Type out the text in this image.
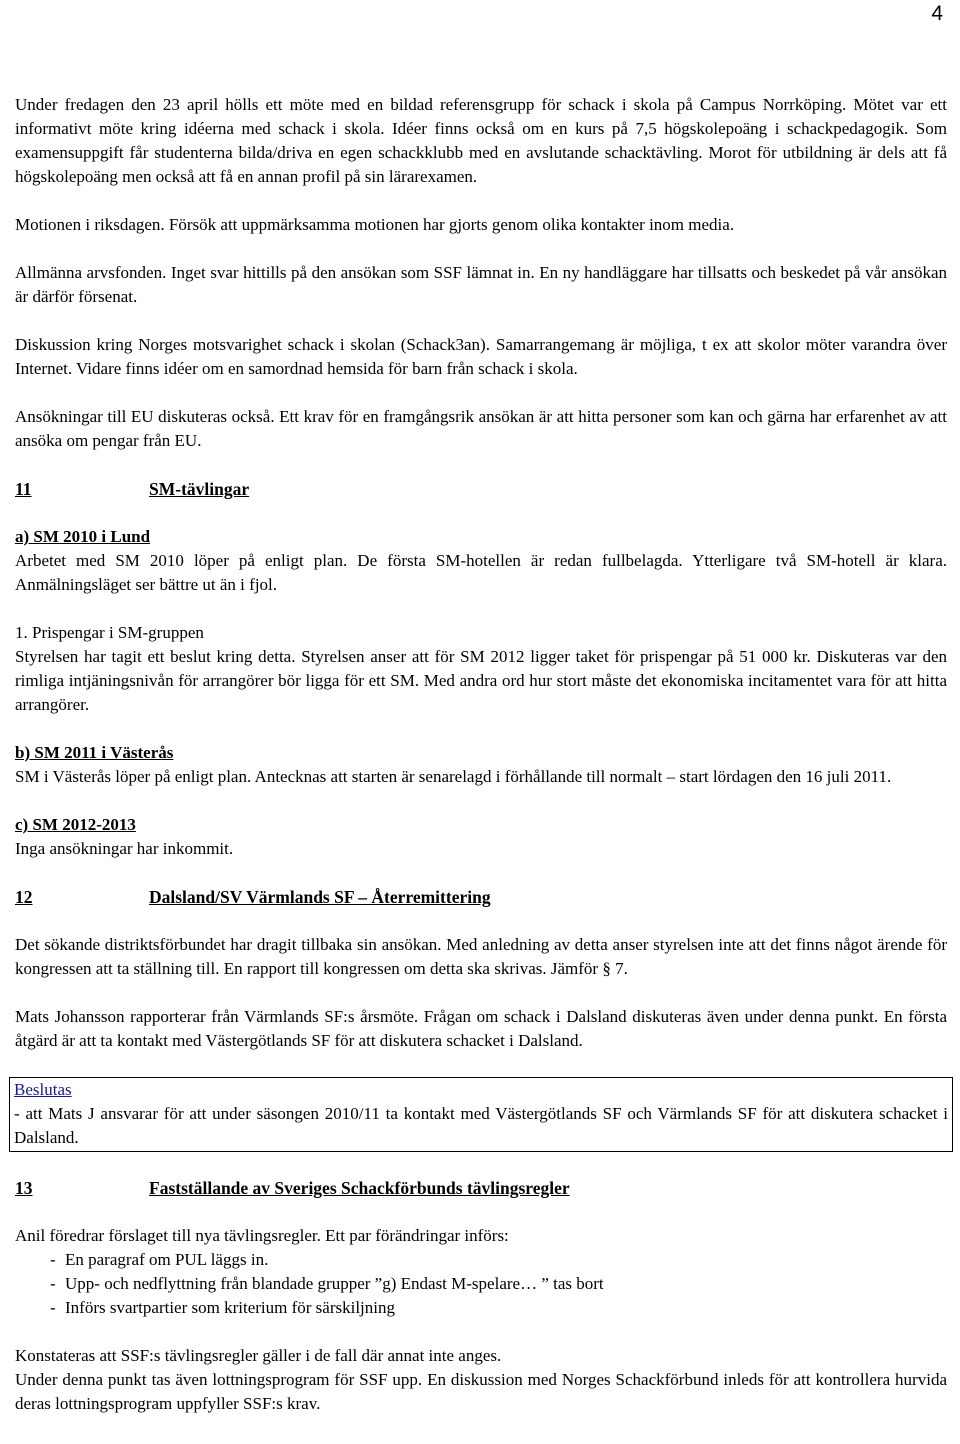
4

Under fredagen den 23 april hölls ett möte med en bildad referensgrupp för schack i skola på Campus Norrköping. Mötet var ett informativt möte kring idéerna med schack i skola. Idéer finns också om en kurs på 7,5 högskolepoäng i schackpedagogik. Som examensuppgift får studenterna bilda/driva en egen schackklubb med en avslutande schacktävling. Morot för utbildning är dels att få högskolepoäng men också att få en annan profil på sin lärarexamen.

Motionen i riksdagen. Försök att uppmärksamma motionen har gjorts genom olika kontakter inom media.

Allmänna arvsfonden. Inget svar hittills på den ansökan som SSF lämnat in. En ny handläggare har tillsatts och beskedet på vår ansökan är därför försenat.

Diskussion kring Norges motsvarighet schack i skolan (Schack3an). Samarrangemang är möjliga, t ex att skolor möter varandra över Internet. Vidare finns idéer om en samordnad hemsida för barn från schack i skola.

Ansökningar till EU diskuteras också. Ett krav för en framgångsrik ansökan är att hitta personer som kan och gärna har erfarenhet av att ansöka om pengar från EU.

11	SM-tävlingar

a) SM 2010 i Lund

Arbetet med SM 2010 löper på enligt plan. De första SM-hotellen är redan fullbelagda. Ytterligare två SM-hotell är klara. Anmälningsläget ser bättre ut än i fjol.

1. Prispengar i SM-gruppen

Styrelsen har tagit ett beslut kring detta. Styrelsen anser att för SM 2012 ligger taket för prispengar på 51 000 kr. Diskuteras var den rimliga intjäningsnivån för arrangörer bör ligga för ett SM. Med andra ord hur stort måste det ekonomiska incitamentet vara för att hitta arrangörer.

b) SM 2011 i Västerås

SM i Västerås löper på enligt plan. Antecknas att starten är senarelagd i förhållande till normalt – start lördagen den 16 juli 2011.

c) SM 2012-2013

Inga ansökningar har inkommit.

12	Dalsland/SV Värmlands SF – Återremittering

Det sökande distriktsförbundet har dragit tillbaka sin ansökan. Med anledning av detta anser styrelsen inte att det finns något ärende för kongressen att ta ställning till. En rapport till kongressen om detta ska skrivas. Jämför § 7.

Mats Johansson rapporterar från Värmlands SF:s årsmöte. Frågan om schack i Dalsland diskuteras även under denna punkt. En första åtgärd är att ta kontakt med Västergötlands SF för att diskutera schacket i Dalsland.

Beslutas

- att Mats J ansvarar för att under säsongen 2010/11 ta kontakt med Västergötlands SF och Värmlands SF för att diskutera schacket i Dalsland.

13	Fastställande av Sveriges Schackförbunds tävlingsregler

Anil föredrar förslaget till nya tävlingsregler. Ett par förändringar införs:

- En paragraf om PUL läggs in.
- Upp- och nedflyttning från blandade grupper ”g) Endast M-spelare… ” tas bort
- Införs svartpartier som kriterium för särskiljning

Konstateras att SSF:s tävlingsregler gäller i de fall där annat inte anges.

Under denna punkt tas även lottningsprogram för SSF upp. En diskussion med Norges Schackförbund inleds för att kontrollera hurvida deras lottningsprogram uppfyller SSF:s krav.
